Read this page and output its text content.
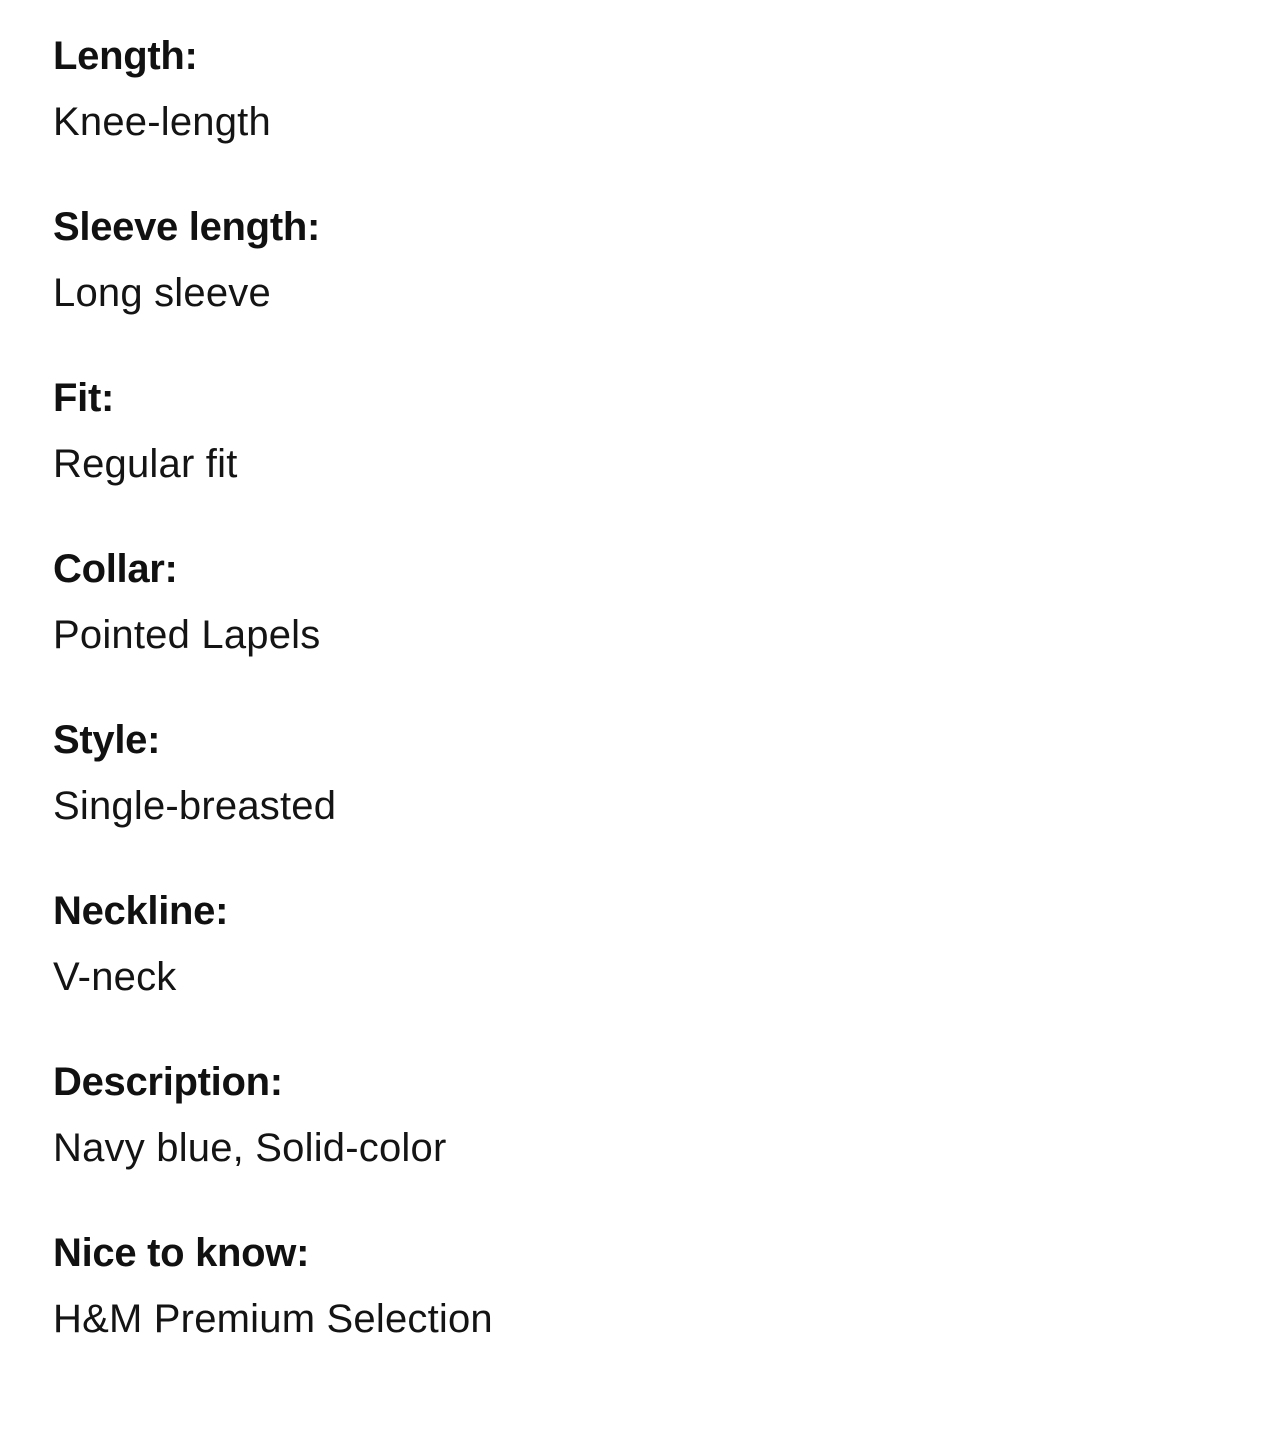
Length:
Knee-length
Sleeve length:
Long sleeve
Fit:
Regular fit
Collar:
Pointed Lapels
Style:
Single-breasted
Neckline:
V-neck
Description:
Navy blue, Solid-color
Nice to know:
H&M Premium Selection
